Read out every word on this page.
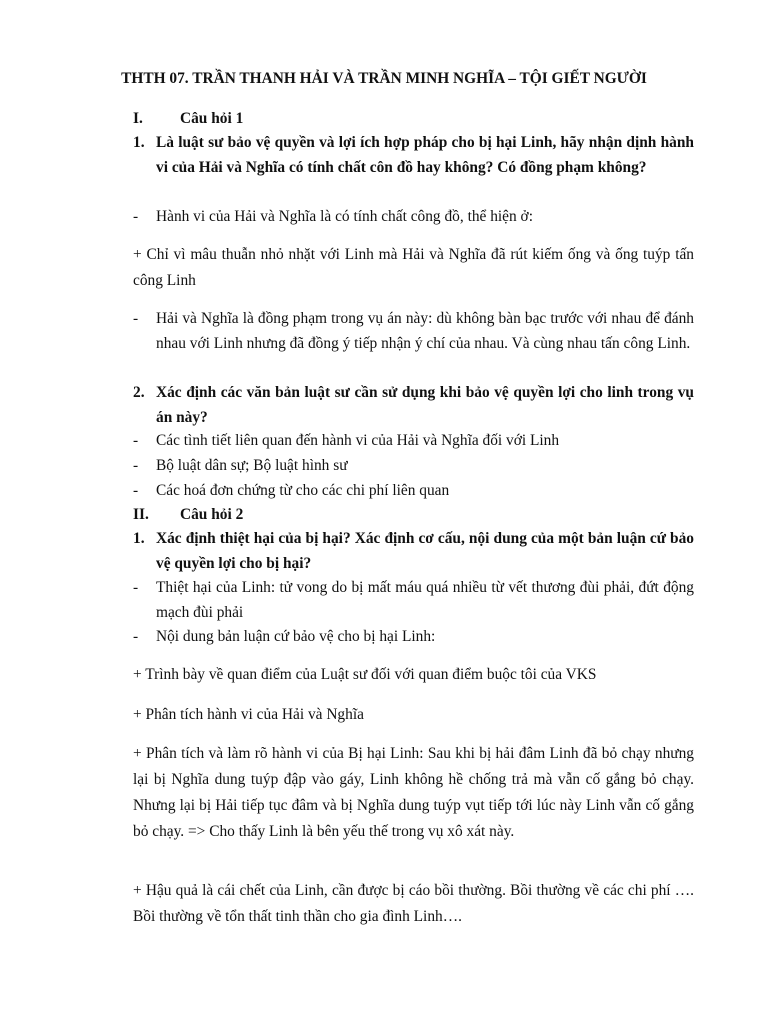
THTH 07. TRẦN THANH HẢI VÀ TRẦN MINH NGHĨA – TỘI GIẾT NGƯỜI
I. Câu hỏi 1
1. Là luật sư bảo vệ quyền và lợi ích hợp pháp cho bị hại Linh, hãy nhận dịnh hành vi của Hải và Nghĩa có tính chất côn đồ hay không? Có đồng phạm không?
- Hành vi của Hải và Nghĩa là có tính chất công đồ, thể hiện ở:
+ Chỉ vì mâu thuẫn nhỏ nhặt với Linh mà Hải và Nghĩa đã rút kiếm ống và ống tuýp tấn công Linh
- Hải và Nghĩa là đồng phạm trong vụ án này: dù không bàn bạc trước với nhau để đánh nhau với Linh nhưng đã đồng ý tiếp nhận ý chí của nhau. Và cùng nhau tấn công Linh.
2. Xác định các văn bản luật sư cần sử dụng khi bảo vệ quyền lợi cho linh trong vụ án này?
- Các tình tiết liên quan đến hành vi của Hải và Nghĩa đối với Linh
- Bộ luật dân sự; Bộ luật hình sư
- Các hoá đơn chứng từ cho các chi phí liên quan
II. Câu hỏi 2
1. Xác định thiệt hại của bị hại? Xác định cơ cấu, nội dung của một bản luận cứ bảo vệ quyền lợi cho bị hại?
- Thiệt hại của Linh: tử vong do bị mất máu quá nhiều từ vết thương đùi phải, đứt động mạch đùi phải
- Nội dung bản luận cứ bảo vệ cho bị hại Linh:
+ Trình bày về quan điểm của Luật sư đối với quan điểm buộc tôi của VKS
+ Phân tích hành vi của Hải và Nghĩa
+ Phân tích và làm rõ hành vi của Bị hại Linh: Sau khi bị hải đâm Linh đã bỏ chạy nhưng lại bị Nghĩa dung tuýp đập vào gáy, Linh không hề chống trả mà vẫn cố gắng bỏ chạy. Nhưng lại bị Hải tiếp tục đâm và bị Nghĩa dung tuýp vụt tiếp tới lúc này Linh vẫn cố gắng bỏ chạy. => Cho thấy Linh là bên yếu thế trong vụ xô xát này.
+ Hậu quả là cái chết của Linh, cần được bị cáo bồi thường. Bồi thường về các chi phí …. Bồi thường về tổn thất tinh thần cho gia đình Linh….
